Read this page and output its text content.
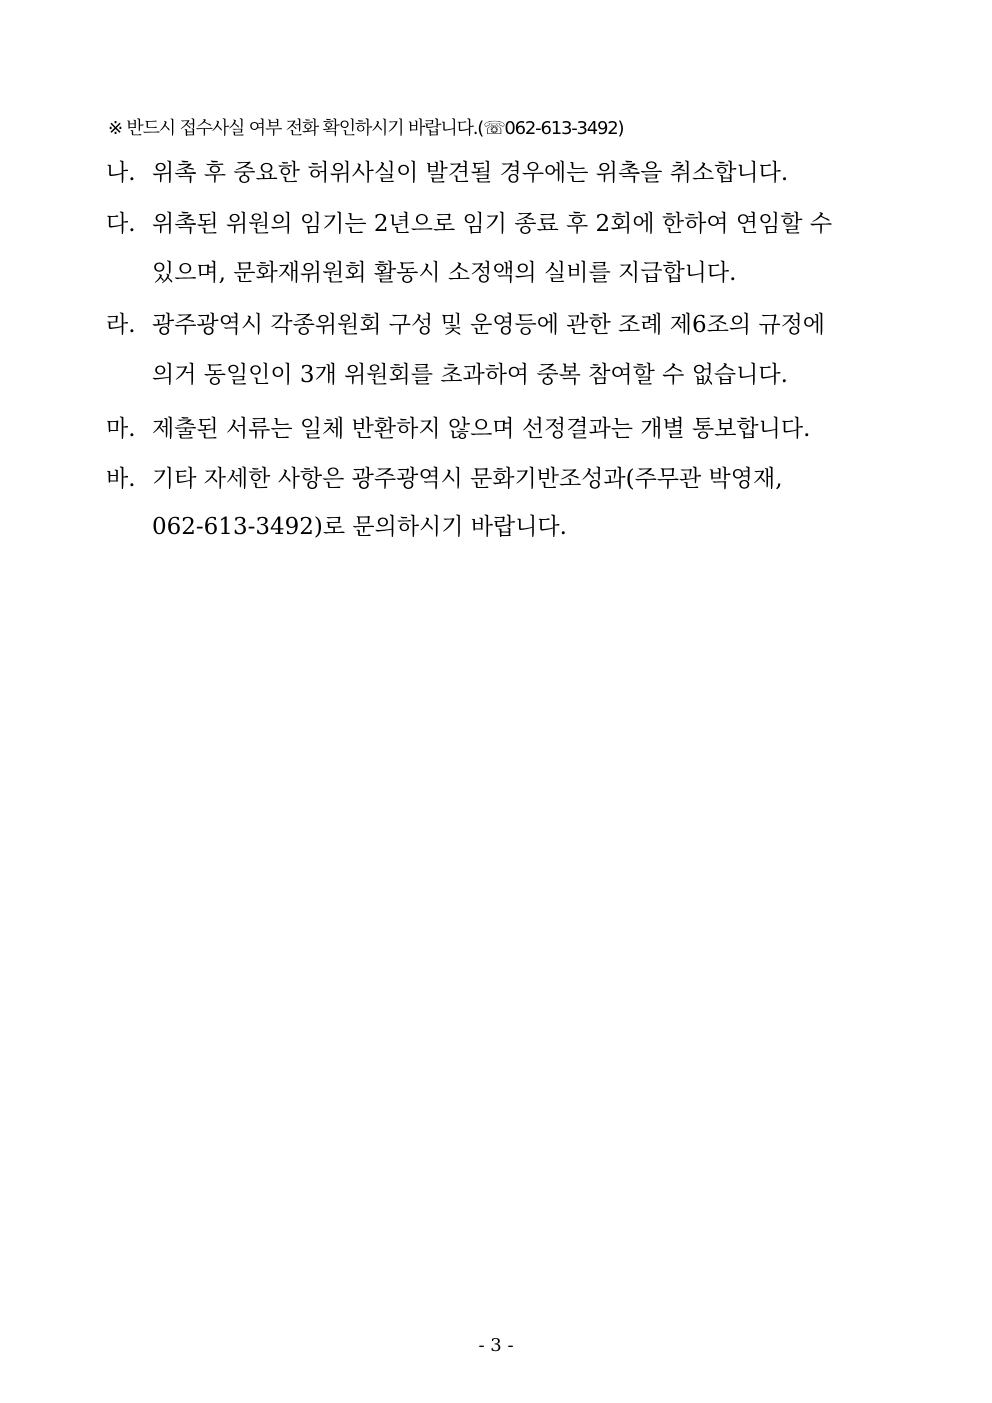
※ 반드시 접수사실 여부 전화 확인하시기 바랍니다.(☏062-613-3492)
나. 위촉 후 중요한 허위사실이 발견될 경우에는 위촉을 취소합니다.
다. 위촉된 위원의 임기는 2년으로 임기 종료 후 2회에 한하여 연임할 수
있으며, 문화재위원회 활동시 소정액의 실비를 지급합니다.
라. 광주광역시 각종위원회 구성 및 운영등에 관한 조례 제6조의 규정에
의거 동일인이 3개 위원회를 초과하여 중복 참여할 수 없습니다.
마. 제출된 서류는 일체 반환하지 않으며 선정결과는 개별 통보합니다.
바. 기타 자세한 사항은 광주광역시 문화기반조성과(주무관 박영재,
062-613-3492)로 문의하시기 바랍니다.
- 3 -
